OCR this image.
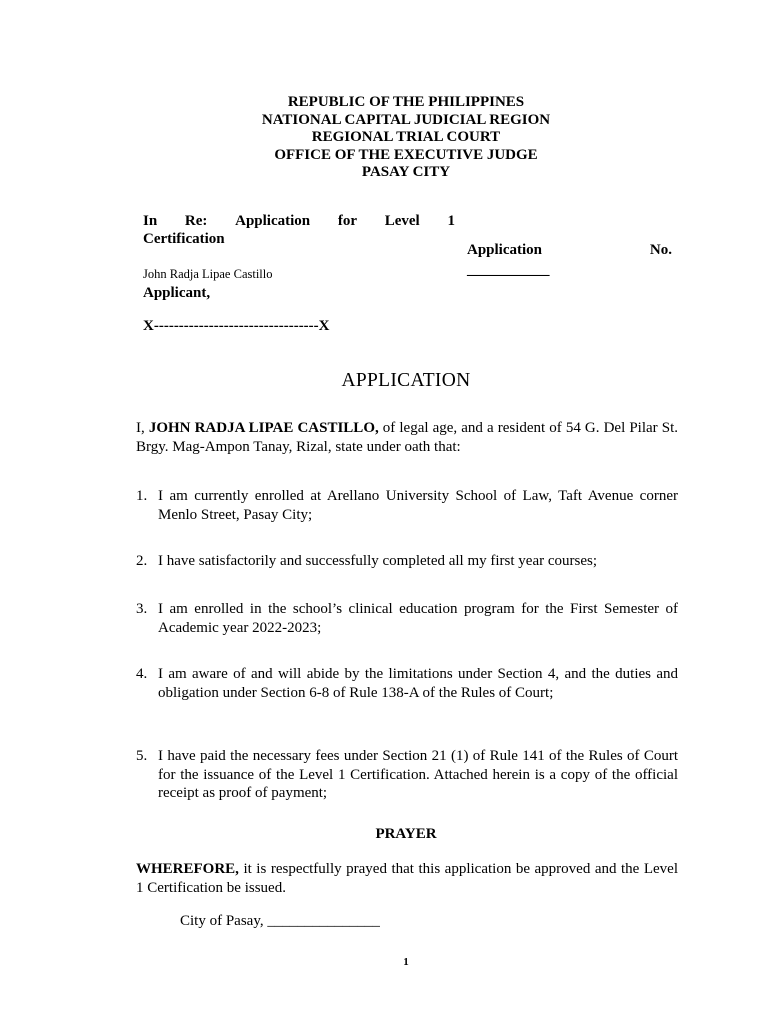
REPUBLIC OF THE PHILIPPINES
NATIONAL CAPITAL JUDICIAL REGION
REGIONAL TRIAL COURT
OFFICE OF THE EXECUTIVE JUDGE
PASAY CITY
In Re: Application for Level 1
Certification
John Radja Lipae Castillo
Applicant,
X---------------------------------X
Application	No.
___________
APPLICATION
I, JOHN RADJA LIPAE CASTILLO, of legal age, and a resident of 54 G. Del Pilar St. Brgy. Mag-Ampon Tanay, Rizal, state under oath that:
1. I am currently enrolled at Arellano University School of Law, Taft Avenue corner Menlo Street, Pasay City;
2. I have satisfactorily and successfully completed all my first year courses;
3. I am enrolled in the school’s clinical education program for the First Semester of Academic year 2022-2023;
4. I am aware of and will abide by the limitations under Section 4, and the duties and obligation under Section 6-8 of Rule 138-A of the Rules of Court;
5. I have paid the necessary fees under Section 21 (1) of Rule 141 of the Rules of Court for the issuance of the Level 1 Certification. Attached herein is a copy of the official receipt as proof of payment;
PRAYER
WHEREFORE, it is respectfully prayed that this application be approved and the Level 1 Certification be issued.
City of Pasay, _______________
1
